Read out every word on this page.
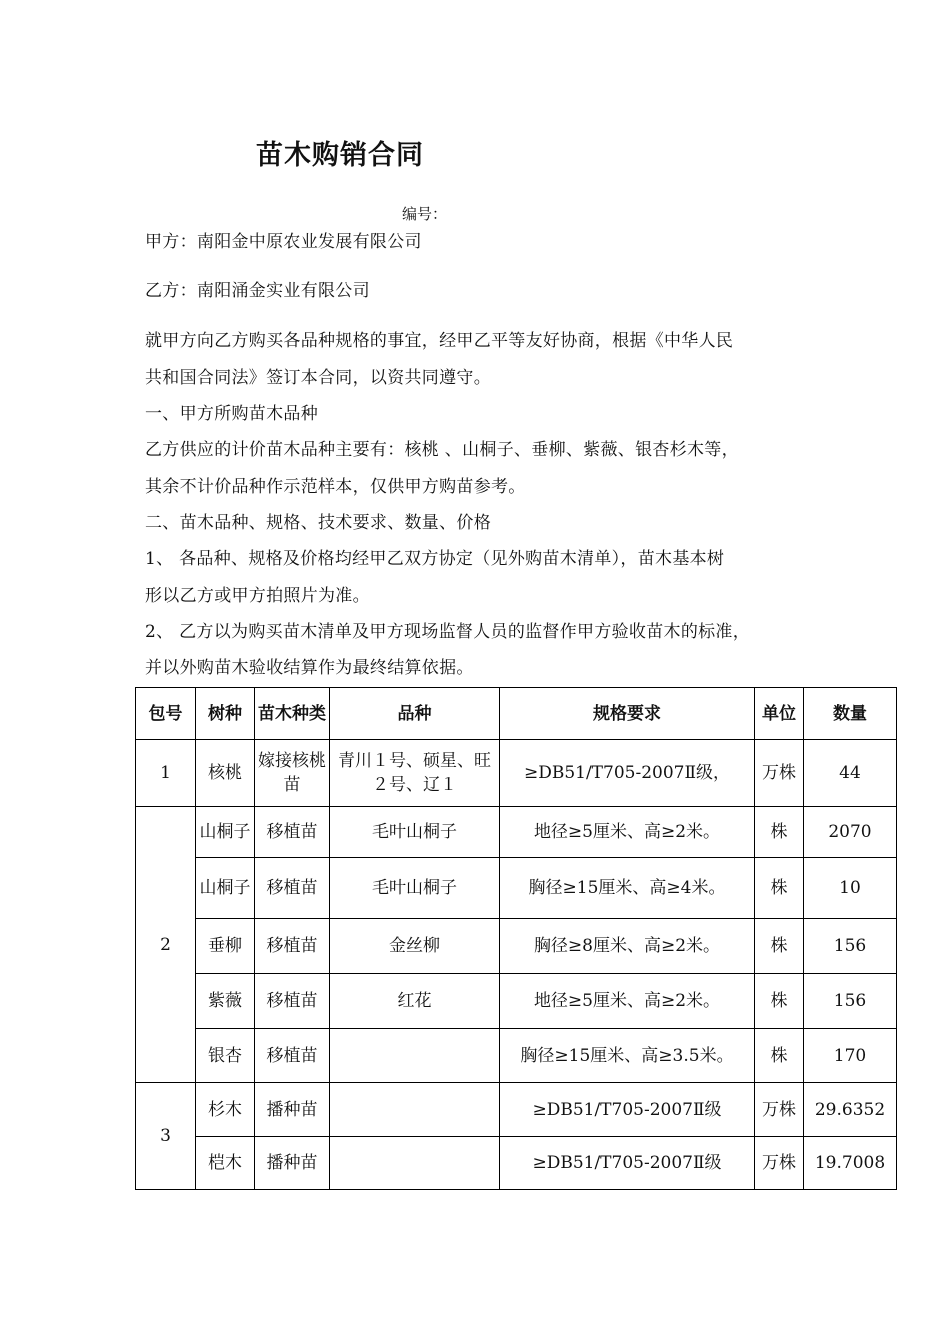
苗木购销合同
编号：
甲方：南阳金中原农业发展有限公司
乙方：南阳涌金实业有限公司
就甲方向乙方购买各品种规格的事宜，经甲乙平等友好协商，根据《中华人民
共和国合同法》签订本合同，以资共同遵守。
一、甲方所购苗木品种
乙方供应的计价苗木品种主要有：核桃 、山桐子、垂柳、紫薇、银杏杉木等，
其余不计价品种作示范样本，仅供甲方购苗参考。
二、苗木品种、规格、技术要求、数量、价格
1、 各品种、规格及价格均经甲乙双方协定（见外购苗木清单），苗木基本树
形以乙方或甲方拍照片为准。
2、 乙方以为购买苗木清单及甲方现场监督人员的监督作甲方验收苗木的标准，
并以外购苗木验收结算作为最终结算依据。
包号	树种	苗木种类	品种	规格要求	单位	数量
1	核桃	嫁接核桃苗	青川１号、硕星、旺２号、辽１	≥DB51/T705-2007Ⅱ级，	万株	44
2	山桐子	移植苗	毛叶山桐子	地径≥5厘米、高≥2米。	株	2070
	山桐子	移植苗	毛叶山桐子	胸径≥15厘米、高≥4米。	株	10
	垂柳	移植苗	金丝柳	胸径≥8厘米、高≥2米。	株	156
	紫薇	移植苗	红花	地径≥5厘米、高≥2米。	株	156
	银杏	移植苗		胸径≥15厘米、高≥3.5米。	株	170
3	杉木	播种苗		≥DB51/T705-2007Ⅱ级	万株	29.6352
	桤木	播种苗		≥DB51/T705-2007Ⅱ级	万株	19.7008
